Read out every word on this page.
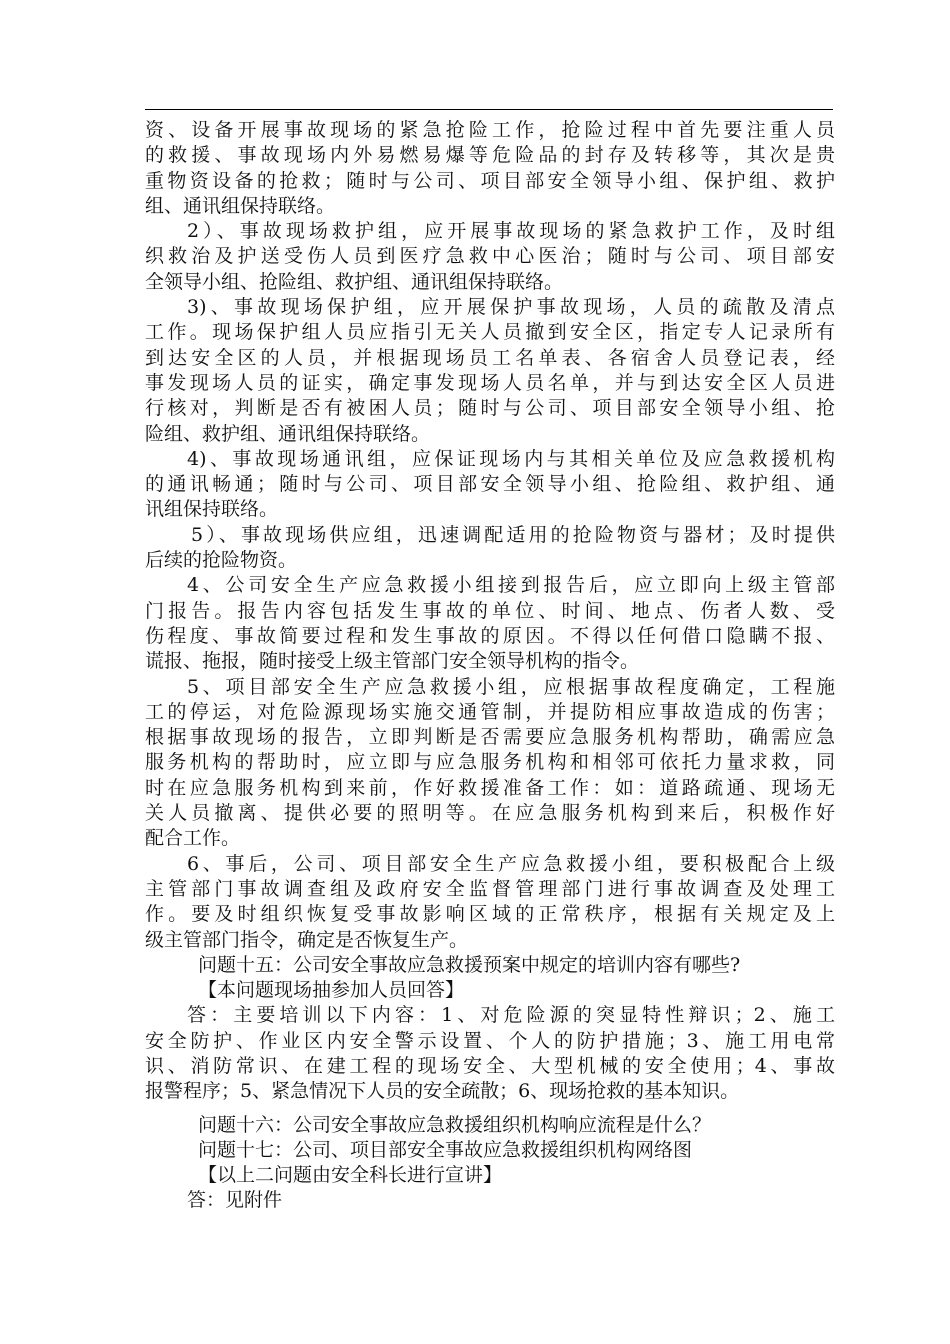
资、设备开展事故现场的紧急抢险工作，抢险过程中首先要注重人员
的救援、事故现场内外易燃易爆等危险品的封存及转移等，其次是贵
重物资设备的抢救；随时与公司、项目部安全领导小组、保护组、救护
组、通讯组保持联络。
2）、事故现场救护组，应开展事故现场的紧急救护工作，及时组
织救治及护送受伤人员到医疗急救中心医治；随时与公司、项目部安
全领导小组、抢险组、救护组、通讯组保持联络。
3)、事故现场保护组，应开展保护事故现场，人员的疏散及清点
工作。现场保护组人员应指引无关人员撤到安全区，指定专人记录所有
到达安全区的人员，并根据现场员工名单表、各宿舍人员登记表，经
事发现场人员的证实，确定事发现场人员名单，并与到达安全区人员进
行核对，判断是否有被困人员；随时与公司、项目部安全领导小组、抢
险组、救护组、通讯组保持联络。
4)、事故现场通讯组，应保证现场内与其相关单位及应急救援机构
的通讯畅通；随时与公司、项目部安全领导小组、抢险组、救护组、通
讯组保持联络。
5）、事故现场供应组，迅速调配适用的抢险物资与器材；及时提供
后续的抢险物资。
4、公司安全生产应急救援小组接到报告后，应立即向上级主管部
门报告。报告内容包括发生事故的单位、时间、地点、伤者人数、受
伤程度、事故简要过程和发生事故的原因。不得以任何借口隐瞒不报、
谎报、拖报，随时接受上级主管部门安全领导机构的指令。
5、项目部安全生产应急救援小组，应根据事故程度确定，工程施
工的停运，对危险源现场实施交通管制，并提防相应事故造成的伤害；
根据事故现场的报告，立即判断是否需要应急服务机构帮助，确需应急
服务机构的帮助时，应立即与应急服务机构和相邻可依托力量求救，同
时在应急服务机构到来前，作好救援准备工作：如：道路疏通、现场无
关人员撤离、提供必要的照明等。在应急服务机构到来后，积极作好
配合工作。
6、事后，公司、项目部安全生产应急救援小组，要积极配合上级
主管部门事故调查组及政府安全监督管理部门进行事故调查及处理工
作。要及时组织恢复受事故影响区域的正常秩序，根据有关规定及上
级主管部门指令，确定是否恢复生产。
问题十五：公司安全事故应急救援预案中规定的培训内容有哪些?
【本问题现场抽参加人员回答】
答：主要培训以下内容：1、对危险源的突显特性辩识；2、施工
安全防护、作业区内安全警示设置、个人的防护措施；3、施工用电常
识、消防常识、在建工程的现场安全、大型机械的安全使用；4、事故
报警程序；5、紧急情况下人员的安全疏散；6、现场抢救的基本知识。
问题十六：公司安全事故应急救援组织机构响应流程是什么？
问题十七：公司、项目部安全事故应急救援组织机构网络图
【以上二问题由安全科长进行宣讲】
答：见附件
